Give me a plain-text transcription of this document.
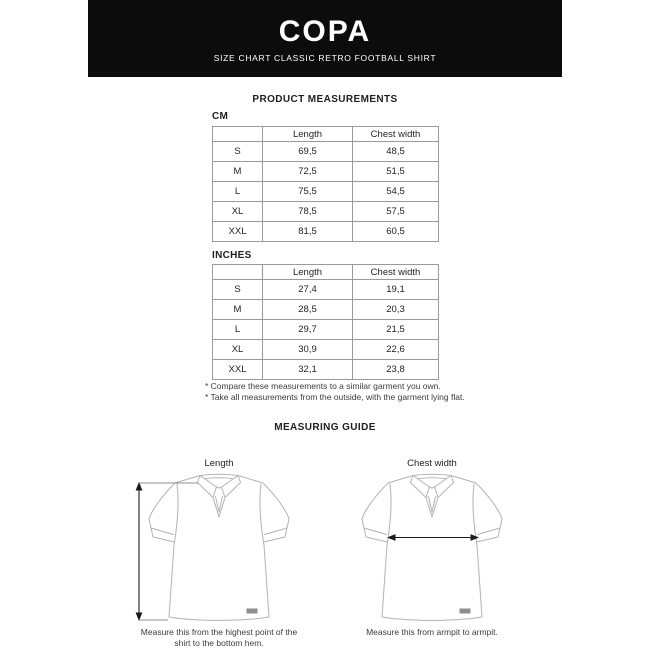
COPA
SIZE CHART CLASSIC RETRO FOOTBALL SHIRT
PRODUCT MEASUREMENTS
CM
	Length	Chest width
S	69,5	48,5
M	72,5	51,5
L	75,5	54,5
XL	78,5	57,5
XXL	81,5	60,5
INCHES
	Length	Chest width
S	27,4	19,1
M	28,5	20,3
L	29,7	21,5
XL	30,9	22,6
XXL	32,1	23,8
* Compare these measurements to a similar garment you own.
* Take all measurements from the outside, with the garment lying flat.
MEASURING GUIDE
Length	Chest width
Measure this from the highest point of the shirt to the bottom hem.
Measure this from armpit to armpit.
